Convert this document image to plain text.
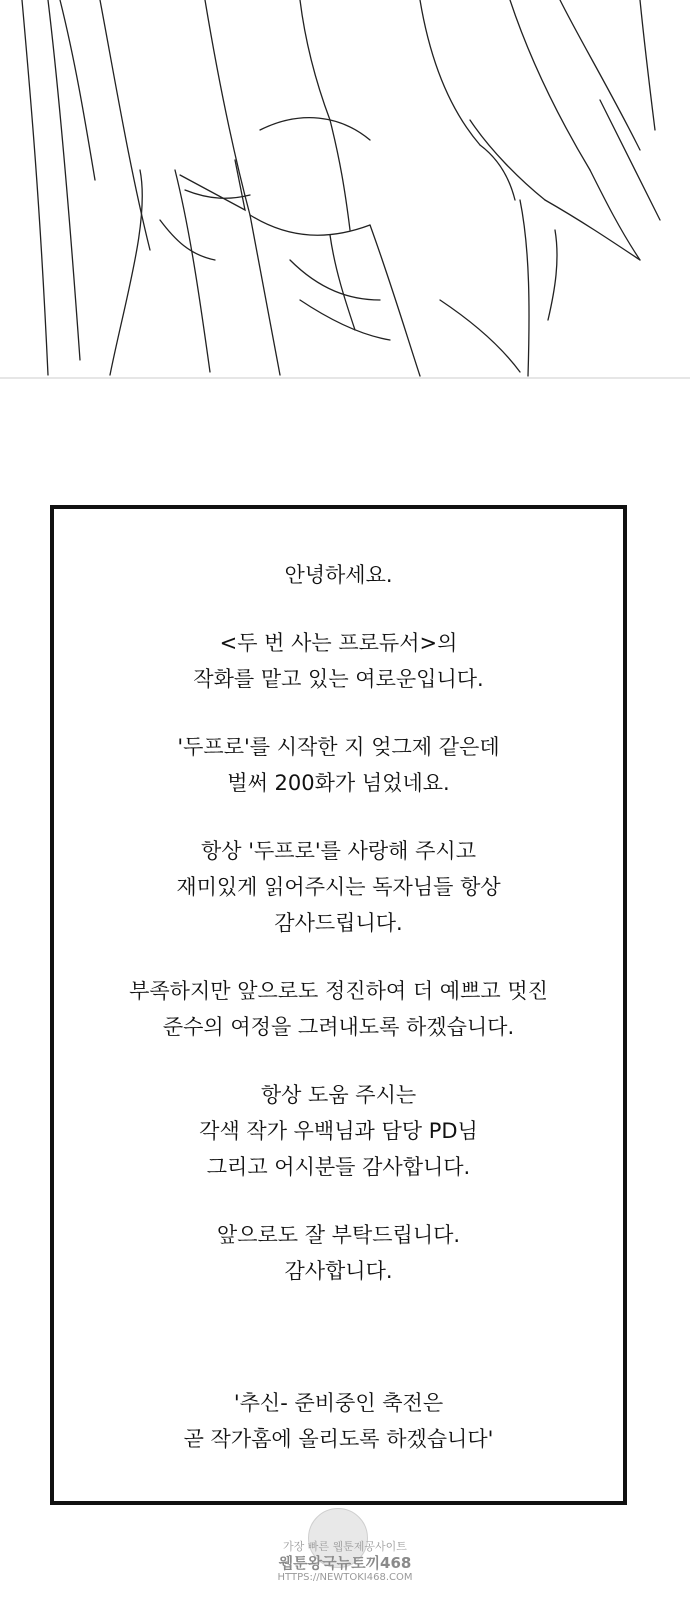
안녕하세요.

<두 번 사는 프로듀서>의
작화를 맡고 있는 여로운입니다.

'두프로'를 시작한 지 엊그제 같은데
벌써 200화가 넘었네요.

항상 '두프로'를 사랑해 주시고
재미있게 읽어주시는 독자님들 항상
감사드립니다.

부족하지만 앞으로도 정진하여 더 예쁘고 멋진
준수의 여정을 그려내도록 하겠습니다.

항상 도움 주시는
각색 작가 우백님과 담당 PD님
그리고 어시분들 감사합니다.

앞으로도 잘 부탁드립니다.
감사합니다.

'추신- 준비중인 축전은
곧 작가홈에 올리도록 하겠습니다'

가장 빠른 웹툰제공사이트
웹툰왕국뉴토끼468
HTTPS://NEWTOKI468.COM
